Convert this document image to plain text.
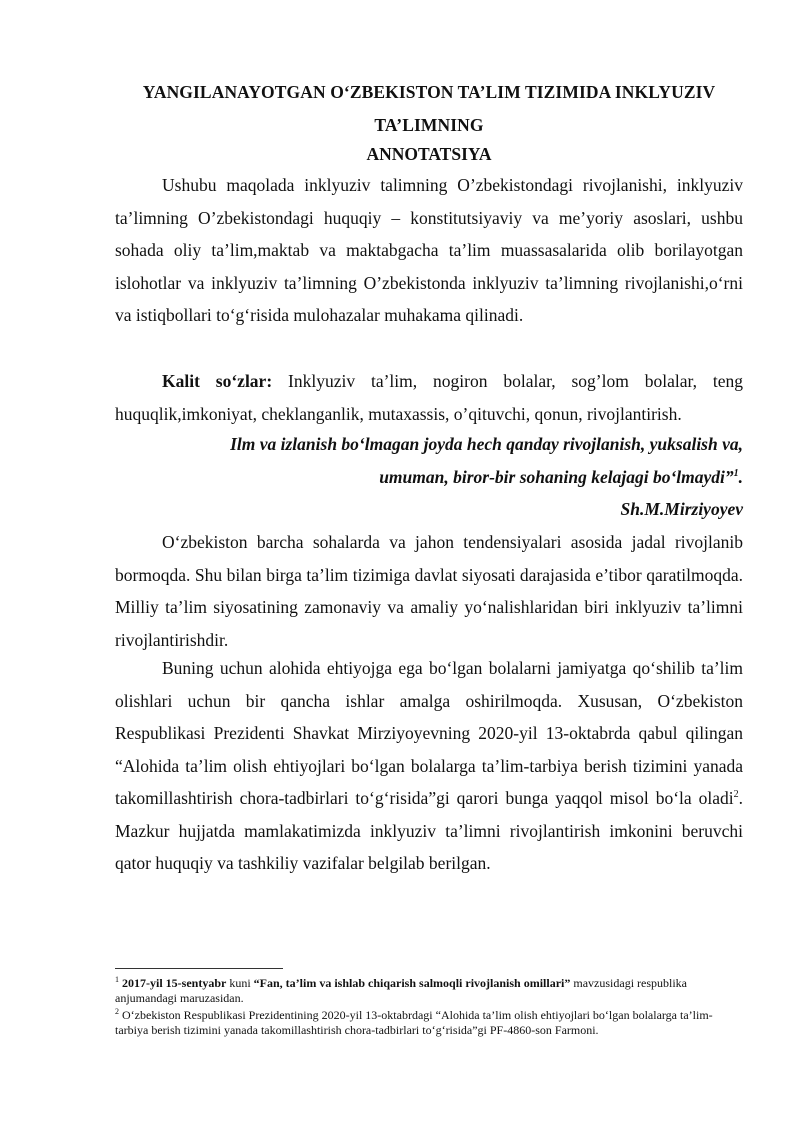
YANGILANAYOTGAN O‘ZBEKISTON TA’LIM TIZIMIDA INKLYUZIV
TA’LIMNING
ANNOTATSIYA

Ushubu maqolada inklyuziv talimning O’zbekistondagi rivojlanishi, inklyuziv ta’limning O’zbekistondagi huquqiy – konstitutsiyaviy va me’yoriy asoslari, ushbu sohada oliy ta’lim,maktab va maktabgacha ta’lim muassasalarida olib borilayotgan islohotlar va inklyuziv ta’limning O’zbekistonda inklyuziv ta’limning rivojlanishi,o‘rni va istiqbollari to‘g‘risida mulohazalar muhakama qilinadi.

Kalit so‘zlar: Inklyuziv ta’lim, nogiron bolalar, sog’lom bolalar, teng huquqlik,imkoniyat, cheklanganlik, mutaxassis, o’qituvchi, qonun, rivojlantirish.

Ilm va izlanish bo‘lmagan joyda hech qanday rivojlanish, yuksalish va,
umuman, biror-bir sohaning kelajagi bo‘lmaydi”$^1$.
Sh.M.Mirziyoyev

O‘zbekiston barcha sohalarda va jahon tendensiyalari asosida jadal rivojlanib bormoqda. Shu bilan birga ta’lim tizimiga davlat siyosati darajasida e’tibor qaratilmoqda. Milliy ta’lim siyosatining zamonaviy va amaliy yo‘nalishlaridan biri inklyuziv ta’limni rivojlantirishdir.

Buning uchun alohida ehtiyojga ega bo‘lgan bolalarni jamiyatga qo‘shilib ta’lim olishlari uchun bir qancha ishlar amalga oshirilmoqda. Xususan, O‘zbekiston Respublikasi Prezidenti Shavkat Mirziyoyevning 2020-yil 13-oktabrda qabul qilingan “Alohida ta’lim olish ehtiyojlari bo‘lgan bolalarga ta’lim-tarbiya berish tizimini yanada takomillashtirish chora-tadbirlari to‘g‘risida”gi qarori bunga yaqqol misol bo‘la oladi$^2$. Mazkur hujjatda mamlakatimizda inklyuziv ta’limni rivojlantirish imkonini beruvchi qator huquqiy va tashkiliy vazifalar belgilab berilgan.

$^1$ 2017-yil 15-sentyabr kuni “Fan, ta’lim va ishlab chiqarish salmoqli rivojlanish omillari” mavzusidagi respublika anjumandagi maruzasidan.
$^2$ O‘zbekiston Respublikasi Prezidentining 2020-yil 13-oktabrdagi “Alohida ta’lim olish ehtiyojlari bo‘lgan bolalarga ta’lim-tarbiya berish tizimini yanada takomillashtirish chora-tadbirlari to‘g‘risida”gi PF-4860-son Farmoni.
